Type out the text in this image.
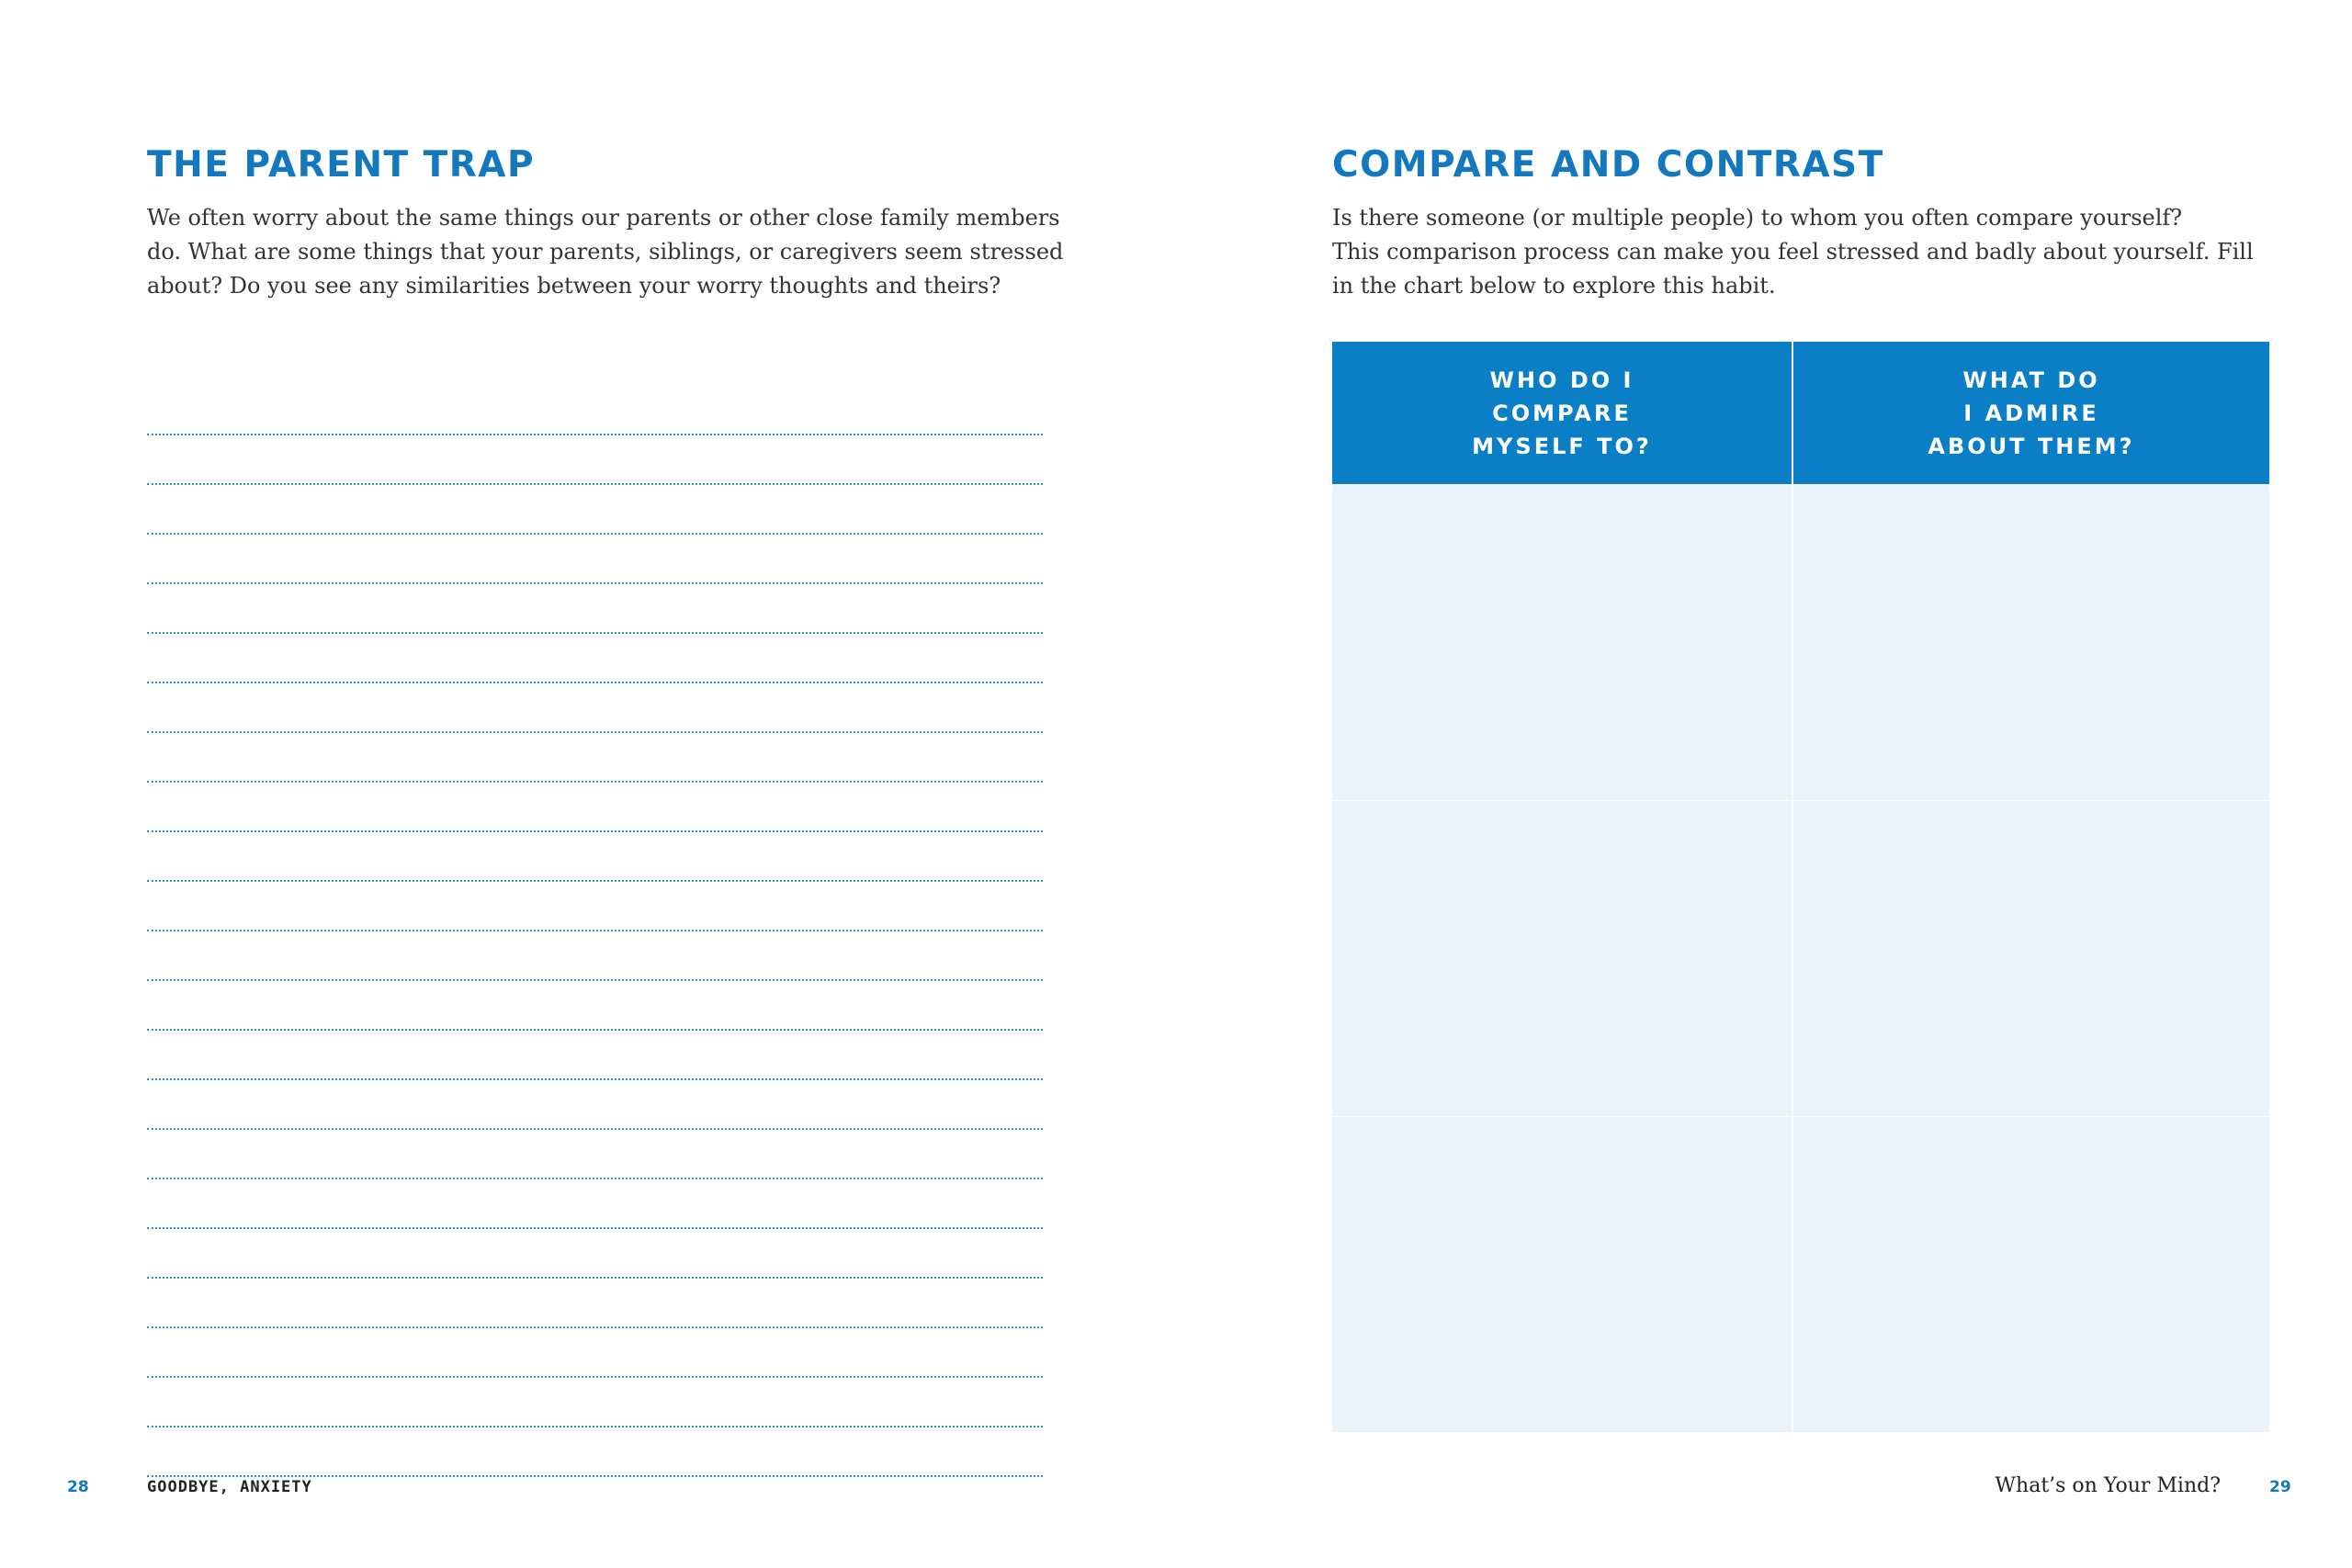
THE PARENT TRAP

We often worry about the same things our parents or other close family members
do. What are some things that your parents, siblings, or caregivers seem stressed
about? Do you see any similarities between your worry thoughts and theirs?

28	GOODBYE, ANXIETY

COMPARE AND CONTRAST

Is there someone (or multiple people) to whom you often compare yourself?
This comparison process can make you feel stressed and badly about yourself. Fill
in the chart below to explore this habit.

WHO DO I
COMPARE
MYSELF TO?
WHAT DO
I ADMIRE
ABOUT THEM?

What’s on Your Mind?	29
